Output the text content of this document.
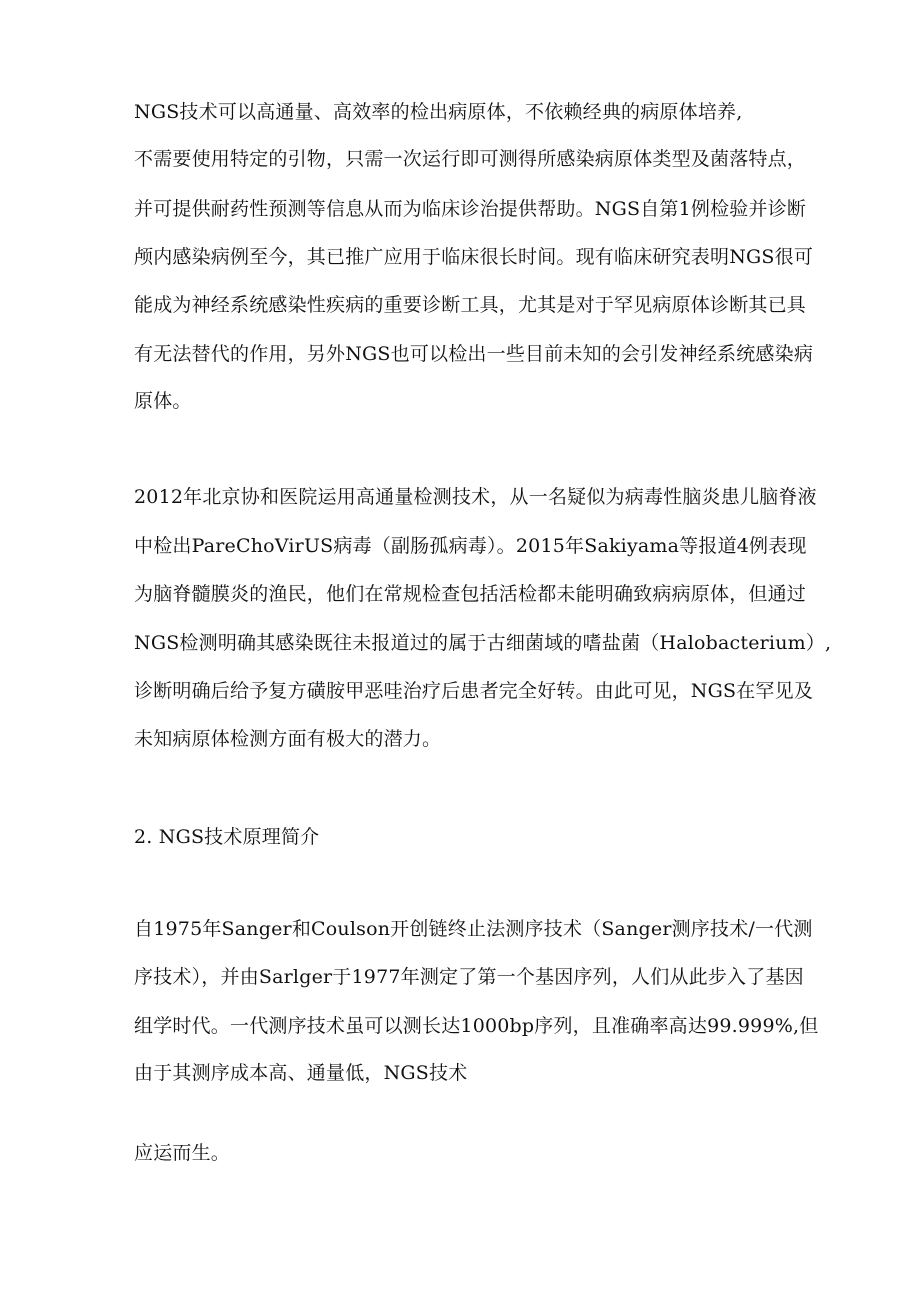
NGS技术可以高通量、高效率的检出病原体，不依赖经典的病原体培养,
不需要使用特定的引物，只需一次运行即可测得所感染病原体类型及菌落特点，
并可提供耐药性预测等信息从而为临床诊治提供帮助。NGS自第1例检验并诊断
颅内感染病例至今，其已推广应用于临床很长时间。现有临床研究表明NGS很可
能成为神经系统感染性疾病的重要诊断工具，尤其是对于罕见病原体诊断其已具
有无法替代的作用，另外NGS也可以检出一些目前未知的会引发神经系统感染病
原体。
2012年北京协和医院运用高通量检测技术，从一名疑似为病毒性脑炎患儿脑脊液
中检出PareChoVirUS病毒（副肠孤病毒）。2015年Sakiyama等报道4例表现
为脑脊髓膜炎的渔民，他们在常规检查包括活检都未能明确致病病原体，但通过
NGS检测明确其感染既往未报道过的属于古细菌域的嗜盐菌（Halobacterium）,
诊断明确后给予复方磺胺甲恶哇治疗后患者完全好转。由此可见，NGS在罕见及
未知病原体检测方面有极大的潜力。
2. NGS技术原理简介
自1975年Sanger和Coulson开创链终止法测序技术（Sanger测序技术/一代测
序技术），并由Sarlger于1977年测定了第一个基因序列，人们从此步入了基因
组学时代。一代测序技术虽可以测长达1000bp序列，且准确率高达99.999%,但
由于其测序成本高、通量低，NGS技术
应运而生。
